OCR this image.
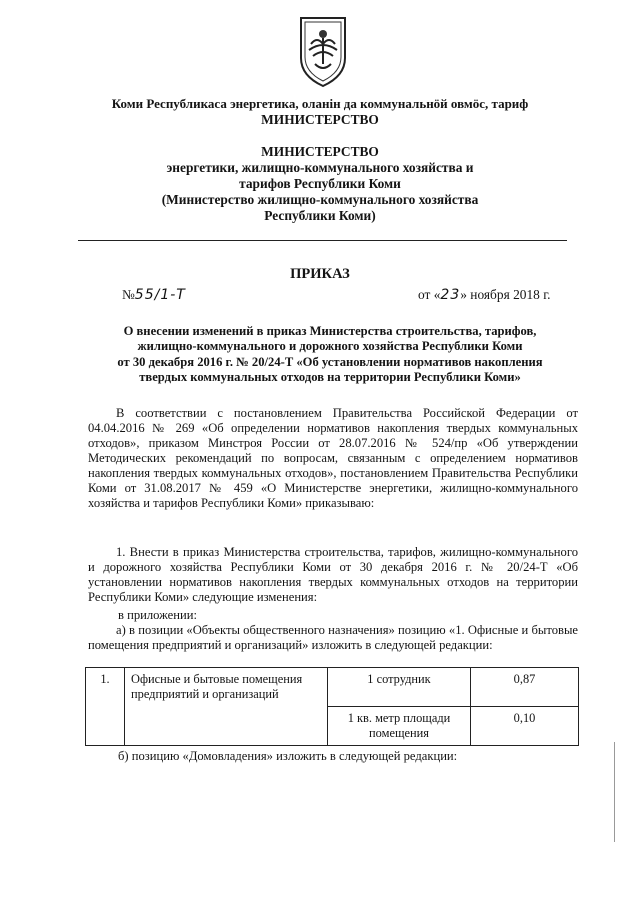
Коми Республикаса энергетика, оланiн да коммунальнöй овмöс, тариф
МИНИСТЕРСТВО
МИНИСТЕРСТВО
энергетики, жилищно-коммунального хозяйства и
тарифов Республики Коми
(Министерство жилищно-коммунального хозяйства
Республики Коми)
ПРИКАЗ
№55/1-Т	от «23» ноября 2018 г.
О внесении изменений в приказ Министерства строительства, тарифов,
жилищно-коммунального и дорожного хозяйства Республики Коми
от 30 декабря 2016 г. № 20/24-Т «Об установлении нормативов накопления
твердых коммунальных отходов на территории Республики Коми»
В соответствии с постановлением Правительства Российской Федерации от 04.04.2016 № 269 «Об определении нормативов накопления твердых коммунальных отходов», приказом Минстроя России от 28.07.2016 № 524/пр «Об утверждении Методических рекомендаций по вопросам, связанным с определением нормативов накопления твердых коммунальных отходов», постановлением Правительства Республики Коми от 31.08.2017 № 459 «О Министерстве энергетики, жилищно-коммунального хозяйства и тарифов Республики Коми» приказываю:
1. Внести в приказ Министерства строительства, тарифов, жилищно-коммунального и дорожного хозяйства Республики Коми от 30 декабря 2016 г. № 20/24-Т «Об установлении нормативов накопления твердых коммунальных отходов на территории Республики Коми» следующие изменения:
в приложении:
а) в позиции «Объекты общественного назначения» позицию «1. Офисные и бытовые помещения предприятий и организаций» изложить в следующей редакции:
1.	Офисные и бытовые помещения предприятий и организаций	1 сотрудник	0,87
		1 кв. метр площади помещения	0,10
б) позицию «Домовладения» изложить в следующей редакции:
